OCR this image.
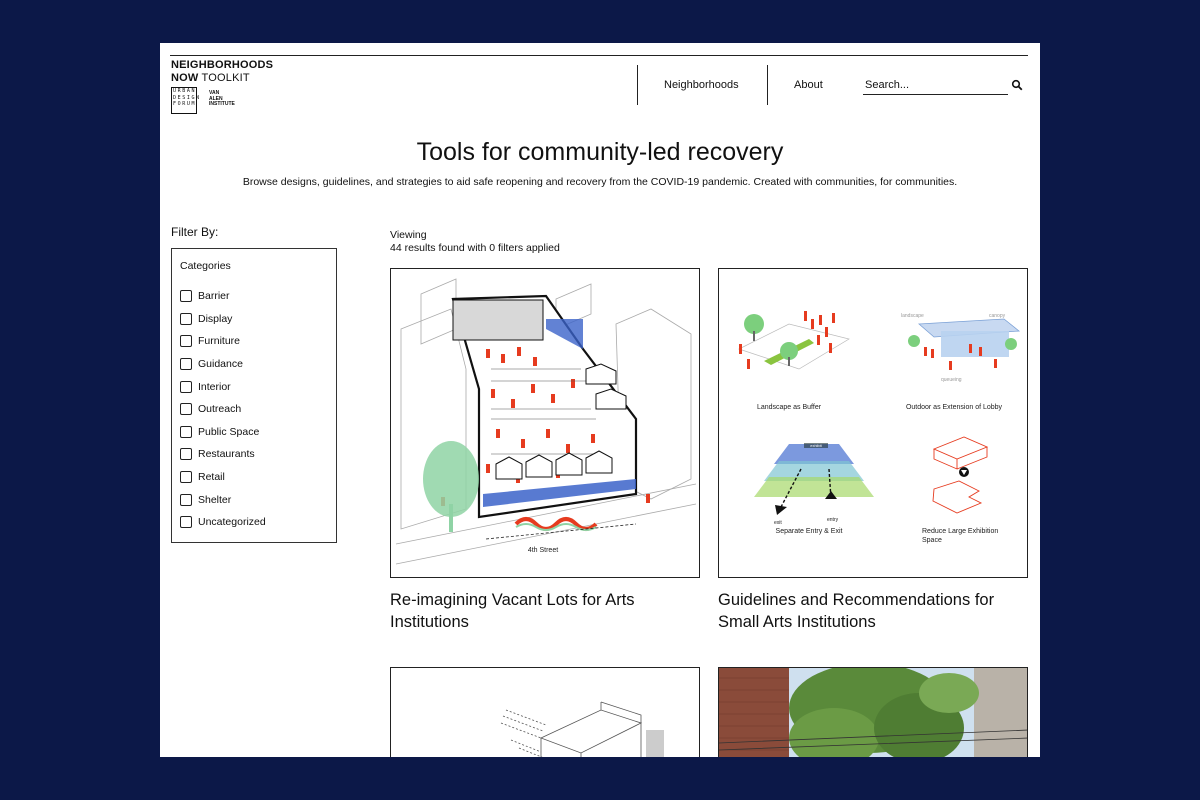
NEIGHBORHOODS
NOW TOOLKIT
URBAN DESIGN FORUM
VAN
ALEN
INSTITUTE
Neighborhoods	About
Search...
Tools for community-led recovery

Browse designs, guidelines, and strategies to aid safe reopening and recovery from the COVID-19 pandemic. Created with communities, for communities.

Filter By:
Categories
Barrier
Display
Furniture
Guidance
Interior
Outreach
Public Space
Restaurants
Retail
Shelter
Uncategorized
Viewing
44 results found with 0 filters applied
4th Street
Re-imagining Vacant Lots for Arts Institutions
Landscape as Buffer
landscape	canopy
queueing
Outdoor as Extension of Lobby
exhibit
exit	entry
Separate Entry & Exit	Reduce Large Exhibition
Space
Guidelines and Recommendations for Small Arts Institutions
